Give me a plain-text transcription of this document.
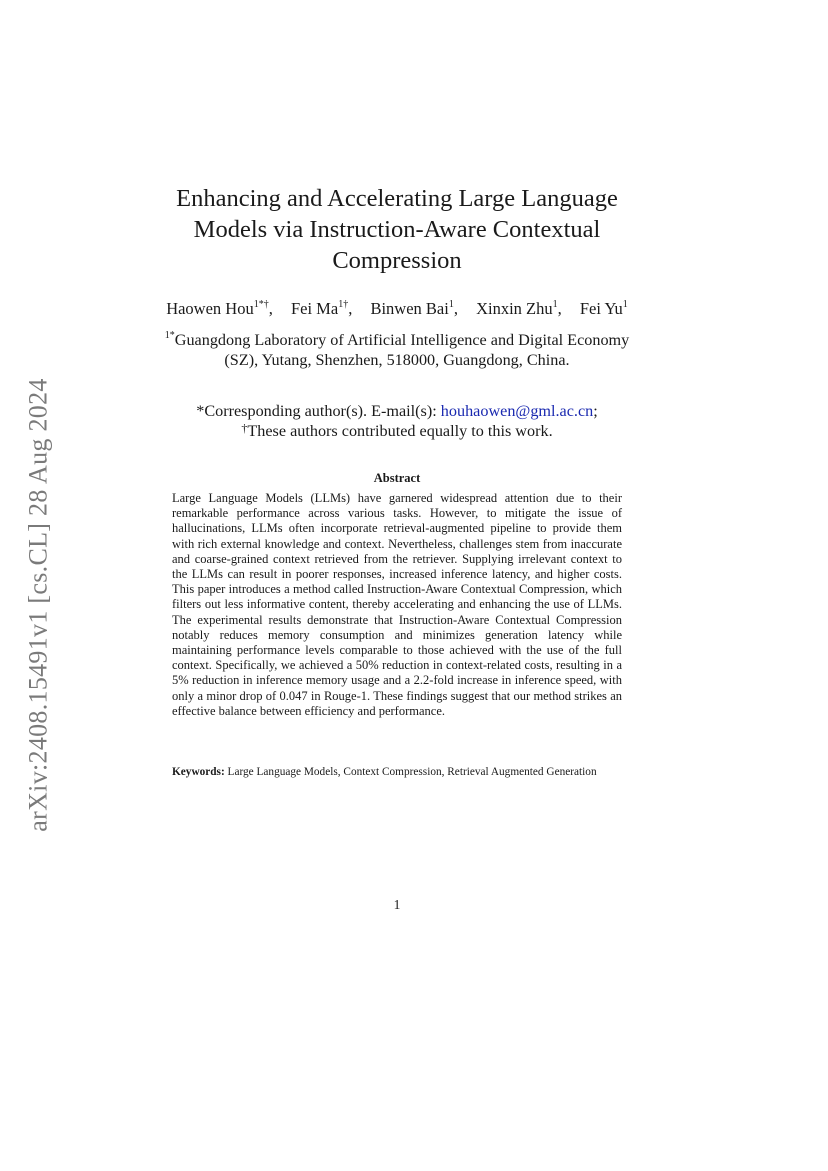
arXiv:2408.15491v1 [cs.CL] 28 Aug 2024
Enhancing and Accelerating Large Language Models via Instruction-Aware Contextual Compression
Haowen Hou$^{1*\dagger}$, Fei $Ma^{1\dagger}$, Binwen Bai$^1$, Xinxin Zhu$^1$, Fei Yu$^1$
$^{1*}$Guangdong Laboratory of Artificial Intelligence and Digital Economy (SZ), Yutang, Shenzhen, 518000, Guangdong, China.
*Corresponding author(s). E-mail(s): houhaowen@gml.ac.cn;
†These authors contributed equally to this work.
Abstract

Large Language Models (LLMs) have garnered widespread attention due to their remarkable performance across various tasks. However, to mitigate the issue of hallucinations, LLMs often incorporate retrieval-augmented pipeline to provide them with rich external knowledge and context. Nevertheless, challenges stem from inaccurate and coarse-grained context retrieved from the retriever. Supplying irrelevant context to the LLMs can result in poorer responses, increased inference latency, and higher costs. This paper introduces a method called Instruction-Aware Contextual Compression, which filters out less informative content, thereby accelerating and enhancing the use of LLMs. The experimental results demonstrate that Instruction-Aware Contextual Compression notably reduces memory consumption and minimizes generation latency while maintaining performance levels comparable to those achieved with the use of the full context. Specifically, we achieved a 50% reduction in context-related costs, resulting in a 5% reduction in inference memory usage and a 2.2-fold increase in inference speed, with only a minor drop of 0.047 in Rouge-1. These findings suggest that our method strikes an effective balance between efficiency and performance.

Keywords: Large Language Models, Context Compression, Retrieval Augmented Generation

1
